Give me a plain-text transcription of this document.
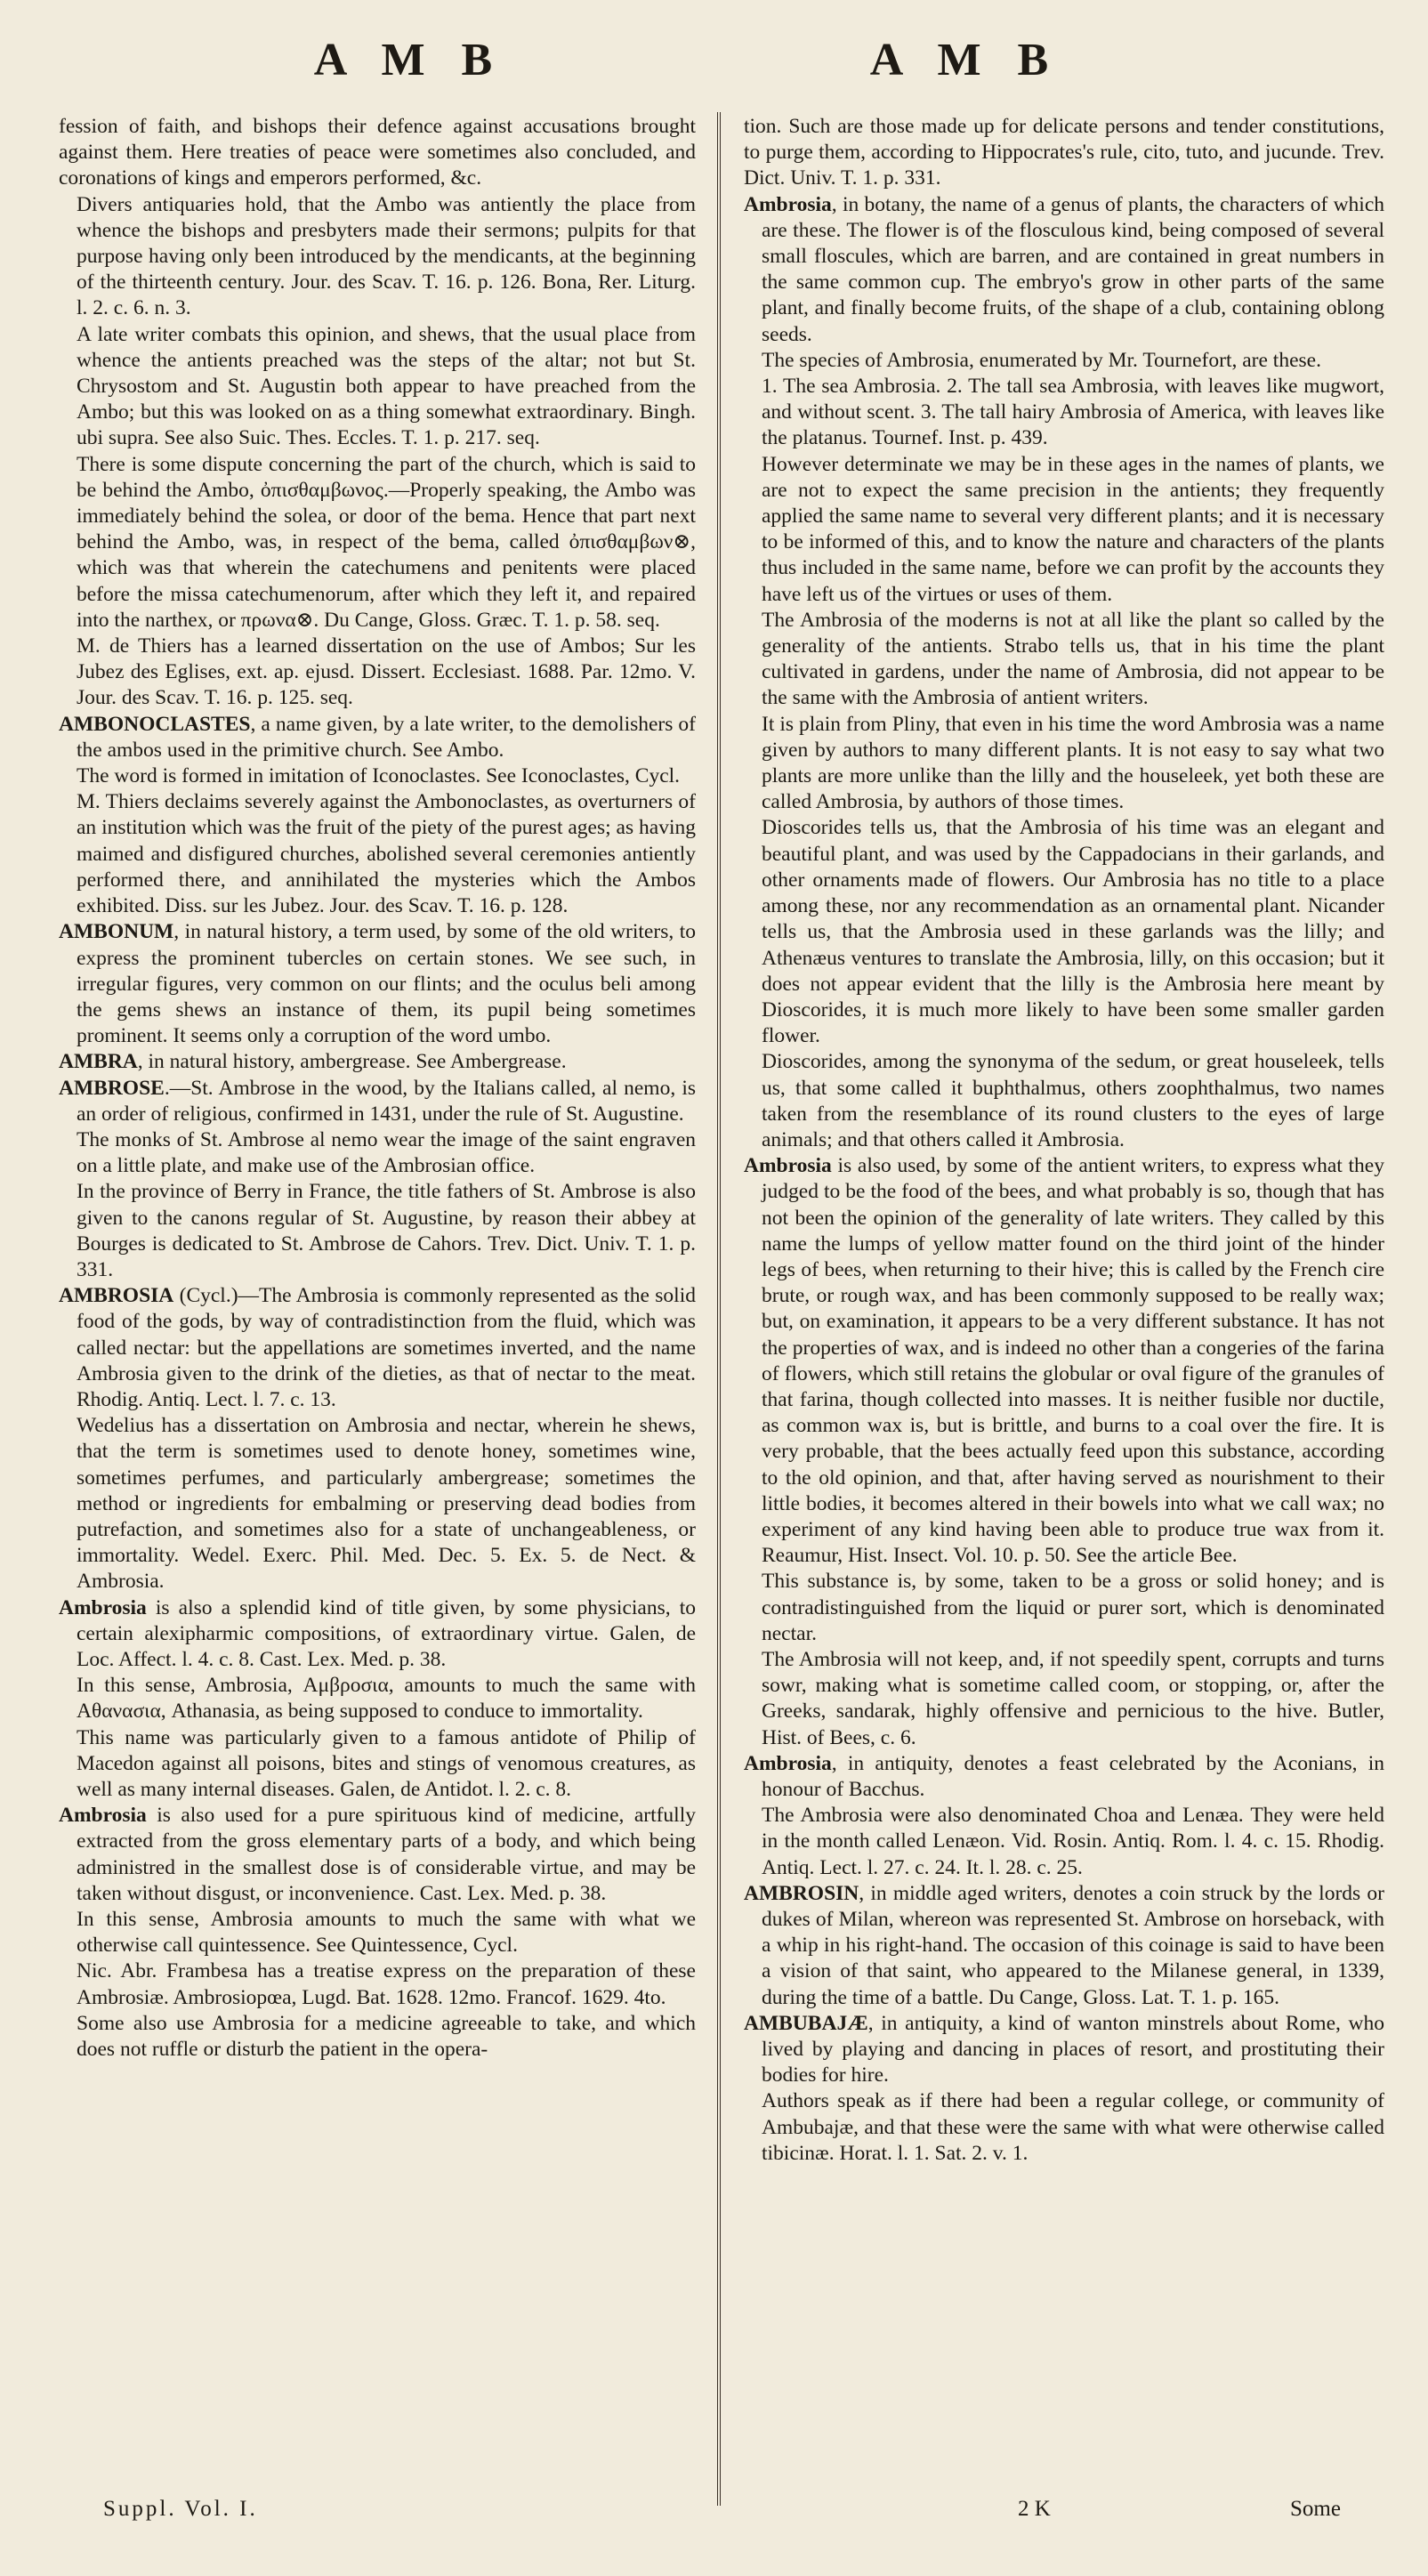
A M B	A M B

fession of faith, and bishops their defence against accusations brought against them. Here treaties of peace were sometimes also concluded, and coronations of kings and emperors performed, &c.

Divers antiquaries hold, that the Ambo was antiently the place from whence the bishops and presbyters made their sermons; pulpits for that purpose having only been introduced by the mendicants, at the beginning of the thirteenth century. Jour. des Scav. T. 16. p. 126. Bona, Rer. Liturg. l. 2. c. 6. n. 3.

A late writer combats this opinion, and shews, that the usual place from whence the antients preached was the steps of the altar; not but St. Chrysostom and St. Augustin both appear to have preached from the Ambo; but this was looked on as a thing somewhat extraordinary. Bingh. ubi supra. See also Suic. Thes. Eccles. T. 1. p. 217. seq.

There is some dispute concerning the part of the church, which is said to be behind the Ambo, ὀπισθαμβωνος.—Properly speaking, the Ambo was immediately behind the solea, or door of the bema. Hence that part next behind the Ambo, was, in respect of the bema, called ὀπισθαμβων⊗, which was that wherein the catechumens and penitents were placed before the missa catechumenorum, after which they left it, and repaired into the narthex, or πρωνα⊗. Du Cange, Gloss. Græc. T. 1. p. 58. seq.

M. de Thiers has a learned dissertation on the use of Ambos; Sur les Jubez des Eglises, ext. ap. ejusd. Dissert. Ecclesiast. 1688. Par. 12mo. V. Jour. des Scav. T. 16. p. 125. seq.

AMBONOCLASTES, a name given, by a late writer, to the demolishers of the ambos used in the primitive church. See Ambo.

The word is formed in imitation of Iconoclastes. See Iconoclastes, Cycl.

M. Thiers declaims severely against the Ambonoclastes, as overturners of an institution which was the fruit of the piety of the purest ages; as having maimed and disfigured churches, abolished several ceremonies antiently performed there, and annihilated the mysteries which the Ambos exhibited. Diss. sur les Jubez. Jour. des Scav. T. 16. p. 128.

AMBONUM, in natural history, a term used, by some of the old writers, to express the prominent tubercles on certain stones. We see such, in irregular figures, very common on our flints; and the oculus beli among the gems shews an instance of them, its pupil being sometimes prominent. It seems only a corruption of the word umbo.

AMBRA, in natural history, ambergrease. See Ambergrease.

AMBROSE.—St. Ambrose in the wood, by the Italians called, al nemo, is an order of religious, confirmed in 1431, under the rule of St. Augustine.

The monks of St. Ambrose al nemo wear the image of the saint engraven on a little plate, and make use of the Ambrosian office.

In the province of Berry in France, the title fathers of St. Ambrose is also given to the canons regular of St. Augustine, by reason their abbey at Bourges is dedicated to St. Ambrose de Cahors. Trev. Dict. Univ. T. 1. p. 331.

AMBROSIA (Cycl.)—The Ambrosia is commonly represented as the solid food of the gods, by way of contradistinction from the fluid, which was called nectar: but the appellations are sometimes inverted, and the name Ambrosia given to the drink of the dieties, as that of nectar to the meat. Rhodig. Antiq. Lect. l. 7. c. 13.

Wedelius has a dissertation on Ambrosia and nectar, wherein he shews, that the term is sometimes used to denote honey, sometimes wine, sometimes perfumes, and particularly ambergrease; sometimes the method or ingredients for embalming or preserving dead bodies from putrefaction, and sometimes also for a state of unchangeableness, or immortality. Wedel. Exerc. Phil. Med. Dec. 5. Ex. 5. de Nect. & Ambrosia.

Ambrosia is also a splendid kind of title given, by some physicians, to certain alexipharmic compositions, of extraordinary virtue. Galen, de Loc. Affect. l. 4. c. 8. Cast. Lex. Med. p. 38.

In this sense, Ambrosia, Αμβροσια, amounts to much the same with Αθανασια, Athanasia, as being supposed to conduce to immortality.

This name was particularly given to a famous antidote of Philip of Macedon against all poisons, bites and stings of venomous creatures, as well as many internal diseases. Galen, de Antidot. l. 2. c. 8.

Ambrosia is also used for a pure spirituous kind of medicine, artfully extracted from the gross elementary parts of a body, and which being administred in the smallest dose is of considerable virtue, and may be taken without disgust, or inconvenience. Cast. Lex. Med. p. 38.

In this sense, Ambrosia amounts to much the same with what we otherwise call quintessence. See Quintessence, Cycl.

Nic. Abr. Frambesa has a treatise express on the preparation of these Ambrosiæ. Ambrosiopœa, Lugd. Bat. 1628. 12mo. Francof. 1629. 4to.

Some also use Ambrosia for a medicine agreeable to take, and which does not ruffle or disturb the patient in the opera-

tion. Such are those made up for delicate persons and tender constitutions, to purge them, according to Hippocrates's rule, cito, tuto, and jucunde. Trev. Dict. Univ. T. 1. p. 331.

Ambrosia, in botany, the name of a genus of plants, the characters of which are these. The flower is of the flosculous kind, being composed of several small floscules, which are barren, and are contained in great numbers in the same common cup. The embryo's grow in other parts of the same plant, and finally become fruits, of the shape of a club, containing oblong seeds.

The species of Ambrosia, enumerated by Mr. Tournefort, are these.

1. The sea Ambrosia. 2. The tall sea Ambrosia, with leaves like mugwort, and without scent. 3. The tall hairy Ambrosia of America, with leaves like the platanus. Tournef. Inst. p. 439.

However determinate we may be in these ages in the names of plants, we are not to expect the same precision in the antients; they frequently applied the same name to several very different plants; and it is necessary to be informed of this, and to know the nature and characters of the plants thus included in the same name, before we can profit by the accounts they have left us of the virtues or uses of them.

The Ambrosia of the moderns is not at all like the plant so called by the generality of the antients. Strabo tells us, that in his time the plant cultivated in gardens, under the name of Ambrosia, did not appear to be the same with the Ambrosia of antient writers.

It is plain from Pliny, that even in his time the word Ambrosia was a name given by authors to many different plants. It is not easy to say what two plants are more unlike than the lilly and the houseleek, yet both these are called Ambrosia, by authors of those times.

Dioscorides tells us, that the Ambrosia of his time was an elegant and beautiful plant, and was used by the Cappadocians in their garlands, and other ornaments made of flowers. Our Ambrosia has no title to a place among these, nor any recommendation as an ornamental plant. Nicander tells us, that the Ambrosia used in these garlands was the lilly; and Athenæus ventures to translate the Ambrosia, lilly, on this occasion; but it does not appear evident that the lilly is the Ambrosia here meant by Dioscorides, it is much more likely to have been some smaller garden flower.

Dioscorides, among the synonyma of the sedum, or great houseleek, tells us, that some called it buphthalmus, others zoophthalmus, two names taken from the resemblance of its round clusters to the eyes of large animals; and that others called it Ambrosia.

Ambrosia is also used, by some of the antient writers, to express what they judged to be the food of the bees, and what probably is so, though that has not been the opinion of the generality of late writers. They called by this name the lumps of yellow matter found on the third joint of the hinder legs of bees, when returning to their hive; this is called by the French cire brute, or rough wax, and has been commonly supposed to be really wax; but, on examination, it appears to be a very different substance. It has not the properties of wax, and is indeed no other than a congeries of the farina of flowers, which still retains the globular or oval figure of the granules of that farina, though collected into masses. It is neither fusible nor ductile, as common wax is, but is brittle, and burns to a coal over the fire. It is very probable, that the bees actually feed upon this substance, according to the old opinion, and that, after having served as nourishment to their little bodies, it becomes altered in their bowels into what we call wax; no experiment of any kind having been able to produce true wax from it. Reaumur, Hist. Insect. Vol. 10. p. 50. See the article Bee.

This substance is, by some, taken to be a gross or solid honey; and is contradistinguished from the liquid or purer sort, which is denominated nectar.

The Ambrosia will not keep, and, if not speedily spent, corrupts and turns sowr, making what is sometime called coom, or stopping, or, after the Greeks, sandarak, highly offensive and pernicious to the hive. Butler, Hist. of Bees, c. 6.

Ambrosia, in antiquity, denotes a feast celebrated by the Aconians, in honour of Bacchus.

The Ambrosia were also denominated Choa and Lenæa. They were held in the month called Lenæon. Vid. Rosin. Antiq. Rom. l. 4. c. 15. Rhodig. Antiq. Lect. l. 27. c. 24. It. l. 28. c. 25.

AMBROSIN, in middle aged writers, denotes a coin struck by the lords or dukes of Milan, whereon was represented St. Ambrose on horseback, with a whip in his right-hand. The occasion of this coinage is said to have been a vision of that saint, who appeared to the Milanese general, in 1339, during the time of a battle. Du Cange, Gloss. Lat. T. 1. p. 165.

AMBUBAJÆ, in antiquity, a kind of wanton minstrels about Rome, who lived by playing and dancing in places of resort, and prostituting their bodies for hire.

Authors speak as if there had been a regular college, or community of Ambubajæ, and that these were the same with what were otherwise called tibicinæ. Horat. l. 1. Sat. 2. v. 1.

Suppl. Vol. I.	2 K	Some
